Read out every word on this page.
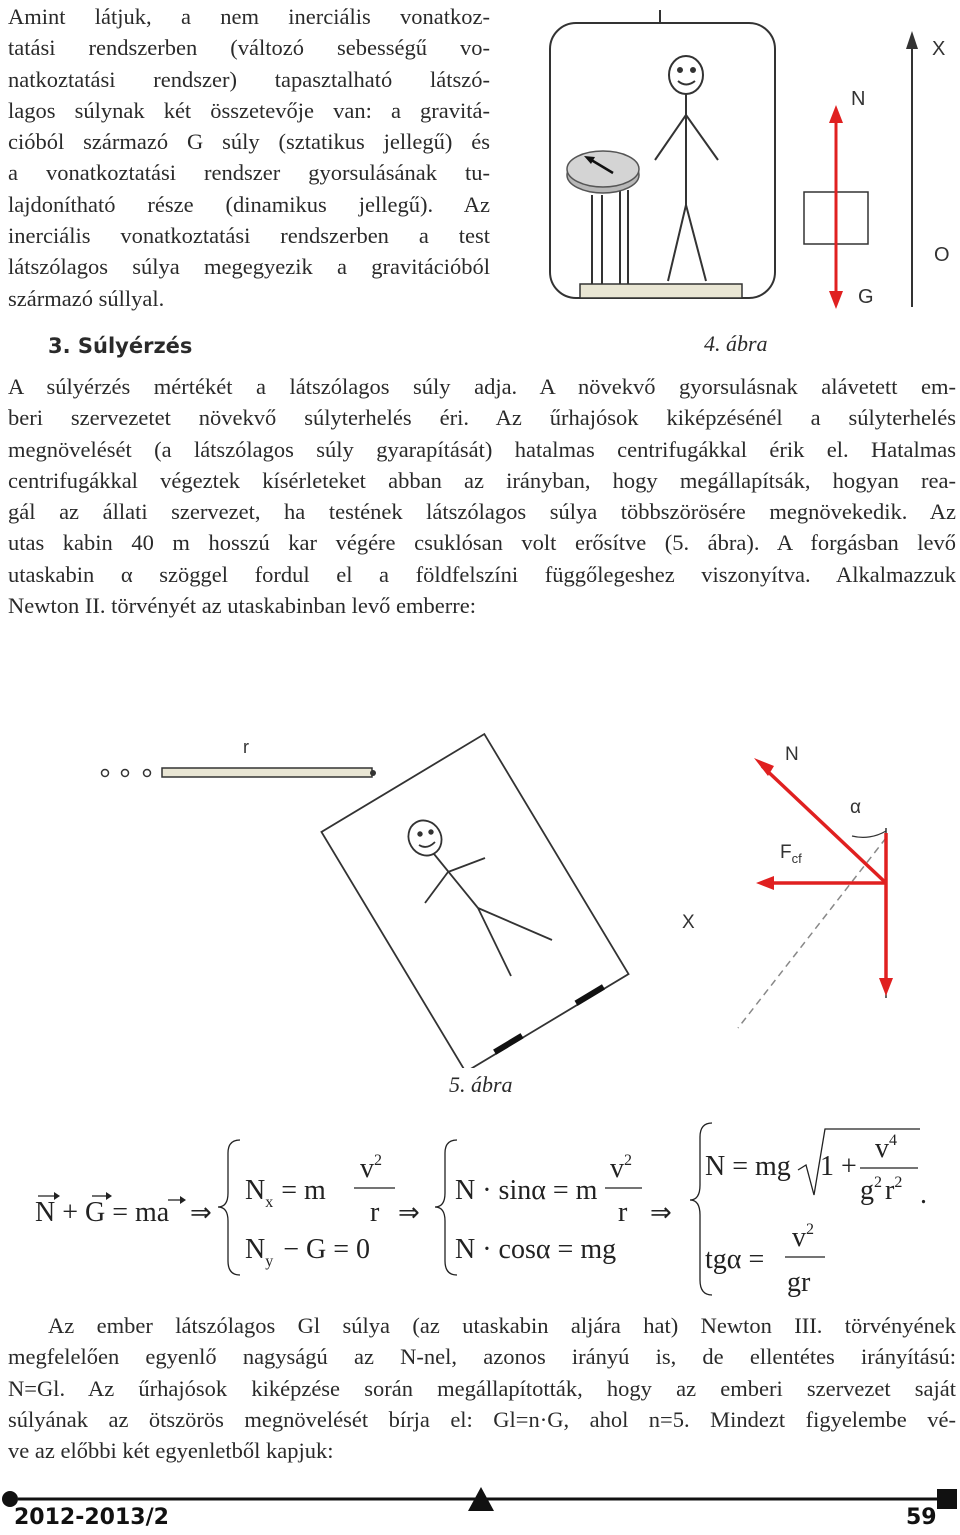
Amint látjuk, a nem inerciális vonatkoz-
tatási rendszerben (változó sebességű vo-
natkoztatási rendszer) tapasztalható látszó-
lagos súlynak két összetevője van: a gravitá-
cióból származó G súly (sztatikus jellegű) és
a vonatkoztatási rendszer gyorsulásának tu-
lajdonítható része (dinamikus jellegű). Az
inerciális vonatkoztatási rendszerben a test
látszólagos súlya megegyezik a gravitációból
származó súllyal.
3. Súlyérzés
X
N
O
G
4. ábra
A súlyérzés mértékét a látszólagos súly adja. A növekvő gyorsulásnak alávetett em-
beri szervezetet növekvő súlyterhelés éri. Az űrhajósok kiképzésénél a súlyterhelés
megnövelését (a látszólagos súly gyarapítását) hatalmas centrifugákkal érik el. Hatalmas
centrifugákkal végeztek kísérleteket abban az irányban, hogy megállapítsák, hogyan rea-
gál az állati szervezet, ha testének látszólagos súlya többszörösére megnövekedik. Az
utas kabin 40 m hosszú kar végére csuklósan volt erősítve (5. ábra). A forgásban levő
utaskabin α szöggel fordul el a földfelszíni függőlegeshez viszonyítva. Alkalmazzuk
Newton II. törvényét az utaskabinban levő emberre:
r	N
α
$F_{cf}$
X
5. ábra
N + G = ma ⇒
$N_x = m$
$v^2$
r
$N_y - G = 0$
⇒
N · sinα = m
$v^2$
r
N · cosα = mg
⇒
N = mg 1 +
$v^4$
$g^2$ $r^2$ .
tgα =
$v^2$
gr
Az ember látszólagos Gl súlya (az utaskabin aljára hat) Newton III. törvényének
megfelelően egyenlő nagyságú az N-nel, azonos irányú is, de ellentétes irányítású:
N=Gl. Az űrhajósok kiképzése során megállapították, hogy az emberi szervezet saját
súlyának az ötszörös megnövelését bírja el: Gl=n·G, ahol n=5. Mindezt figyelembe vé-
ve az előbbi két egyenletből kapjuk:
2012-2013/2	59
